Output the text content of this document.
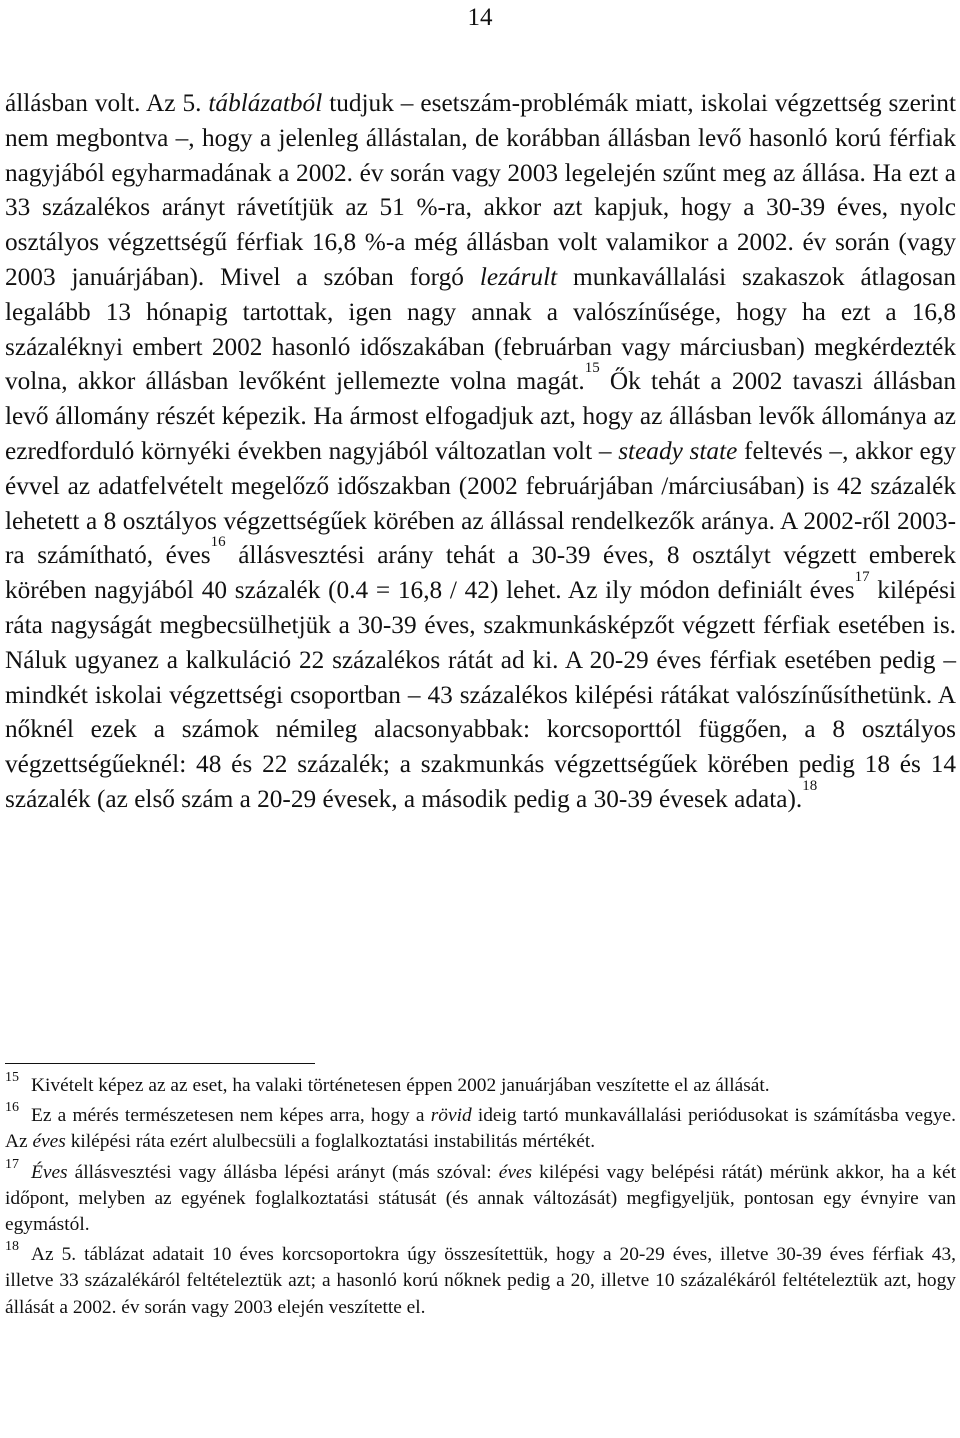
14

állásban volt. Az 5. táblázatból tudjuk – esetszám-problémák miatt, iskolai végzettség szerint nem megbontva –, hogy a jelenleg állástalan, de korábban állásban levő hasonló korú férfiak nagyjából egyharmadának a 2002. év során vagy 2003 legelején szűnt meg az állása. Ha ezt a 33 százalékos arányt rávetítjük az 51 %-ra, akkor azt kapjuk, hogy a 30-39 éves, nyolc osztályos végzettségű férfiak 16,8 %-a még állásban volt valamikor a 2002. év során (vagy 2003 januárjában). Mivel a szóban forgó lezárult munkavállalási szakaszok átlagosan legalább 13 hónapig tartottak, igen nagy annak a valószínűsége, hogy ha ezt a 16,8 százaléknyi embert 2002 hasonló időszakában (februárban vagy márciusban) megkérdezték volna, akkor állásban levőként jellemezte volna magát.$^{15}$ Ők tehát a 2002 tavaszi állásban levő állomány részét képezik. Ha ármost elfogadjuk azt, hogy az állásban levők állománya az ezredforduló környéki években nagyjából változatlan volt – steady state feltevés –, akkor egy évvel az adatfelvételt megelőző időszakban (2002 februárjában /márciusában) is 42 százalék lehetett a 8 osztályos végzettségűek körében az állással rendelkezők aránya. A 2002-ről 2003-ra számítható, éves$^{16}$ állásvesztési arány tehát a 30-39 éves, 8 osztályt végzett emberek körében nagyjából 40 százalék (0.4 = 16,8 / 42) lehet. Az ily módon definiált éves$^{17}$ kilépési ráta nagyságát megbecsülhetjük a 30-39 éves, szakmunkásképzőt végzett férfiak esetében is. Náluk ugyanez a kalkuláció 22 százalékos rátát ad ki. A 20-29 éves férfiak esetében pedig – mindkét iskolai végzettségi csoportban – 43 százalékos kilépési rátákat valószínűsíthetünk. A nőknél ezek a számok némileg alacsonyabbak: korcsoporttól függően, a 8 osztályos végzettségűeknél: 48 és 22 százalék; a szakmunkás végzettségűek körében pedig 18 és 14 százalék (az első szám a 20-29 évesek, a második pedig a 30-39 évesek adata).$^{18}$

$^{15}$ Kivételt képez az az eset, ha valaki történetesen éppen 2002 januárjában veszítette el az állását.

$^{16}$ Ez a mérés természetesen nem képes arra, hogy a rövid ideig tartó munkavállalási periódusokat is számításba vegye. Az éves kilépési ráta ezért alulbecsüli a foglalkoztatási instabilitás mértékét.

$^{17}$ Éves állásvesztési vagy állásba lépési arányt (más szóval: éves kilépési vagy belépési rátát) mérünk akkor, ha a két időpont, melyben az egyének foglalkoztatási státusát (és annak változását) megfigyeljük, pontosan egy évnyire van egymástól.

$^{18}$ Az 5. táblázat adatait 10 éves korcsoportokra úgy összesítettük, hogy a 20-29 éves, illetve 30-39 éves férfiak 43, illetve 33 százalékáról feltételeztük azt; a hasonló korú nőknek pedig a 20, illetve 10 százalékáról feltételeztük azt, hogy állását a 2002. év során vagy 2003 elején veszítette el.
